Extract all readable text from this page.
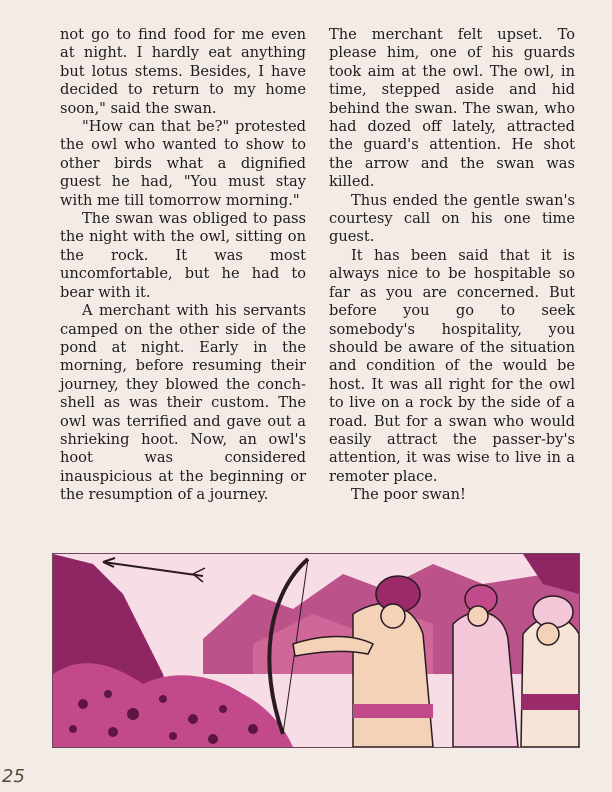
not go to find food for me even at night. I hardly eat anything but lotus stems. Besides, I have decided to return to my home soon," said the swan.

"How can that be?" protested the owl who wanted to show to other birds what a dignified guest he had, "You must stay with me till tomorrow morning."

The swan was obliged to pass the night with the owl, sitting on the rock. It was most uncomfortable, but he had to bear with it.

A merchant with his servants camped on the other side of the pond at night. Early in the morning, before resuming their journey, they blowed the conch-shell as was their custom. The owl was terrified and gave out a shrieking hoot. Now, an owl's hoot was considered inauspicious at the beginning or the resumption of a journey.

The merchant felt upset. To please him, one of his guards took aim at the owl. The owl, in time, stepped aside and hid behind the swan. The swan, who had dozed off lately, attracted the guard's attention. He shot the arrow and the swan was killed.

Thus ended the gentle swan's courtesy call on his one time guest.

It has been said that it is always nice to be hospitable so far as you are concerned. But before you go to seek somebody's hospitality, you should be aware of the situation and condition of the would be host. It was all right for the owl to live on a rock by the side of a road. But for a swan who would easily attract the passer-by's attention, it was wise to live in a remoter place.

The poor swan!

25
